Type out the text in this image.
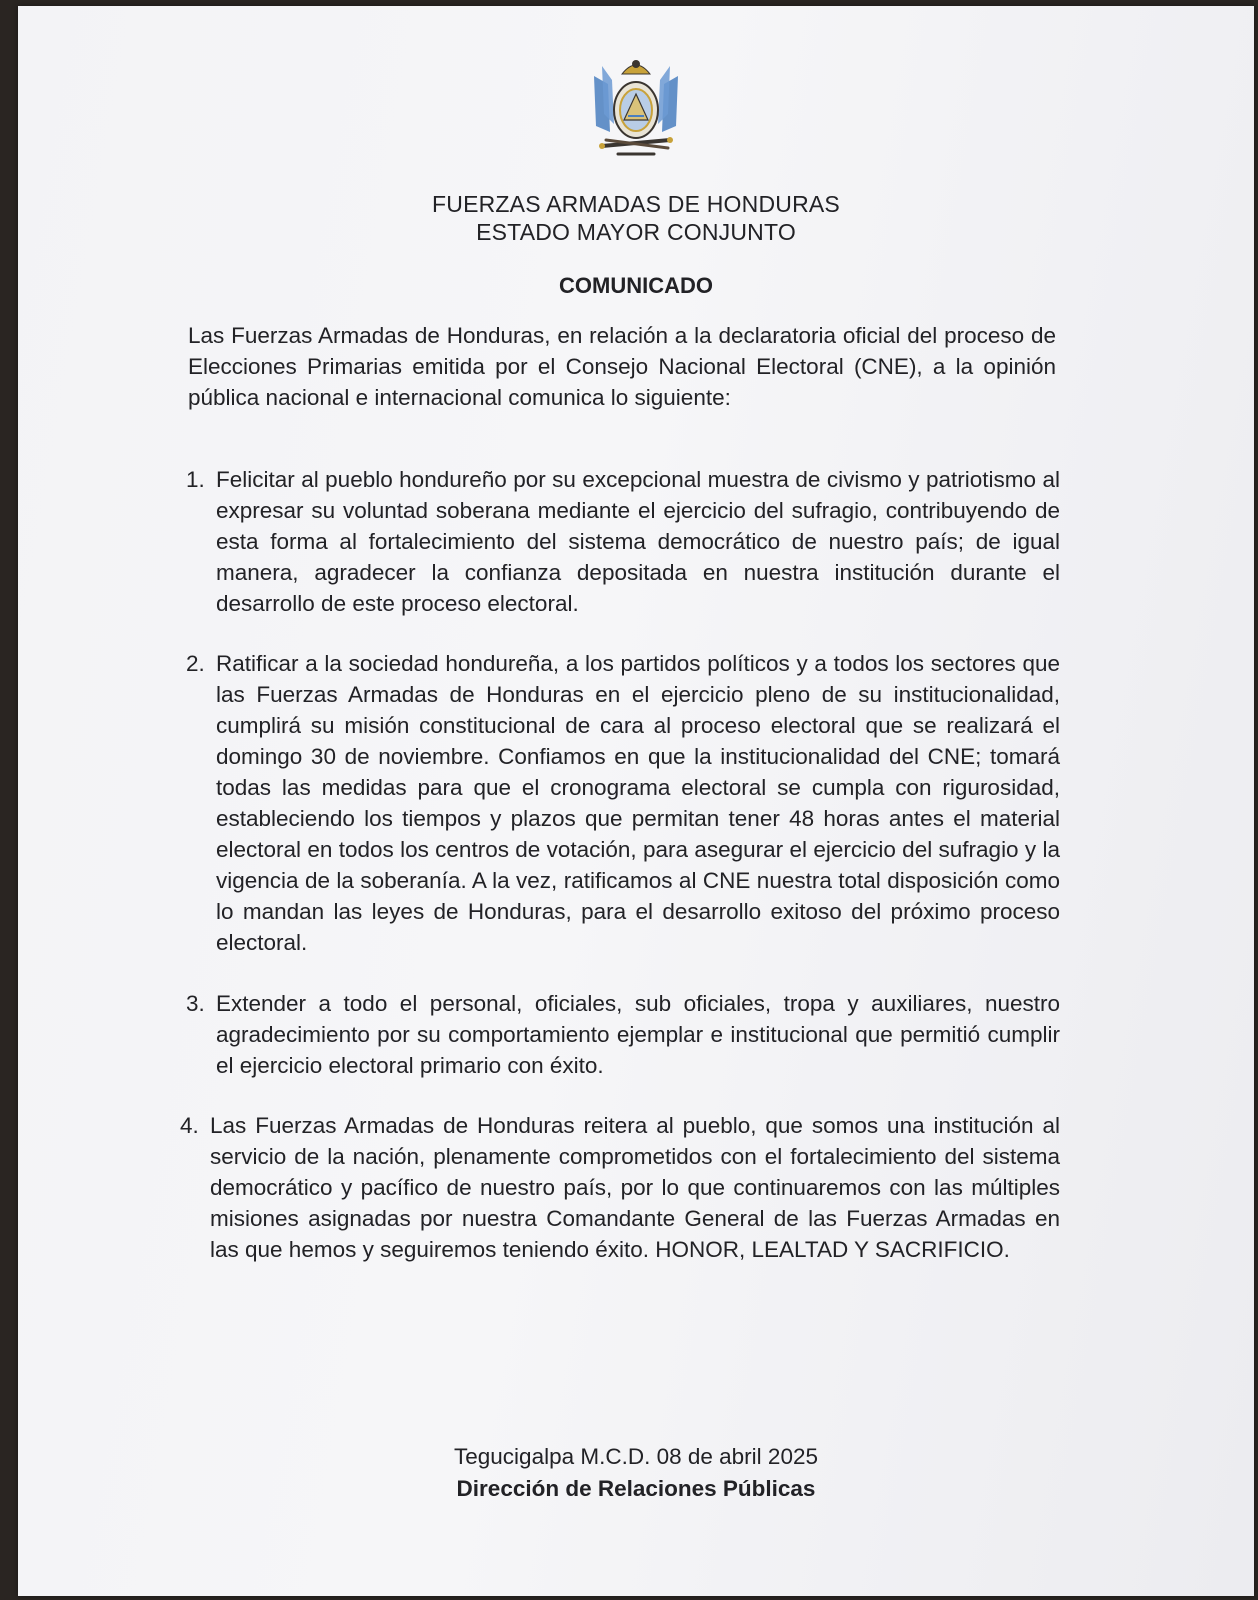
FUERZAS ARMADAS DE HONDURAS
ESTADO MAYOR CONJUNTO
COMUNICADO
Las Fuerzas Armadas de Honduras, en relación a la declaratoria oficial del proceso de Elecciones Primarias emitida por el Consejo Nacional Electoral (CNE), a la opinión pública nacional e internacional comunica lo siguiente:
1. Felicitar al pueblo hondureño por su excepcional muestra de civismo y patriotismo al expresar su voluntad soberana mediante el ejercicio del sufragio, contribuyendo de esta forma al fortalecimiento del sistema democrático de nuestro país; de igual manera, agradecer la confianza depositada en nuestra institución durante el desarrollo de este proceso electoral.
2. Ratificar a la sociedad hondureña, a los partidos políticos y a todos los sectores que las Fuerzas Armadas de Honduras en el ejercicio pleno de su institucionalidad, cumplirá su misión constitucional de cara al proceso electoral que se realizará el domingo 30 de noviembre. Confiamos en que la institucionalidad del CNE; tomará todas las medidas para que el cronograma electoral se cumpla con rigurosidad, estableciendo los tiempos y plazos que permitan tener 48 horas antes el material electoral en todos los centros de votación, para asegurar el ejercicio del sufragio y la vigencia de la soberanía. A la vez, ratificamos al CNE nuestra total disposición como lo mandan las leyes de Honduras, para el desarrollo exitoso del próximo proceso electoral.
3. Extender a todo el personal, oficiales, sub oficiales, tropa y auxiliares, nuestro agradecimiento por su comportamiento ejemplar e institucional que permitió cumplir el ejercicio electoral primario con éxito.
4. Las Fuerzas Armadas de Honduras reitera al pueblo, que somos una institución al servicio de la nación, plenamente comprometidos con el fortalecimiento del sistema democrático y pacífico de nuestro país, por lo que continuaremos con las múltiples misiones asignadas por nuestra Comandante General de las Fuerzas Armadas en las que hemos y seguiremos teniendo éxito. HONOR, LEALTAD Y SACRIFICIO.
Tegucigalpa M.C.D. 08 de abril 2025
Dirección de Relaciones Públicas
